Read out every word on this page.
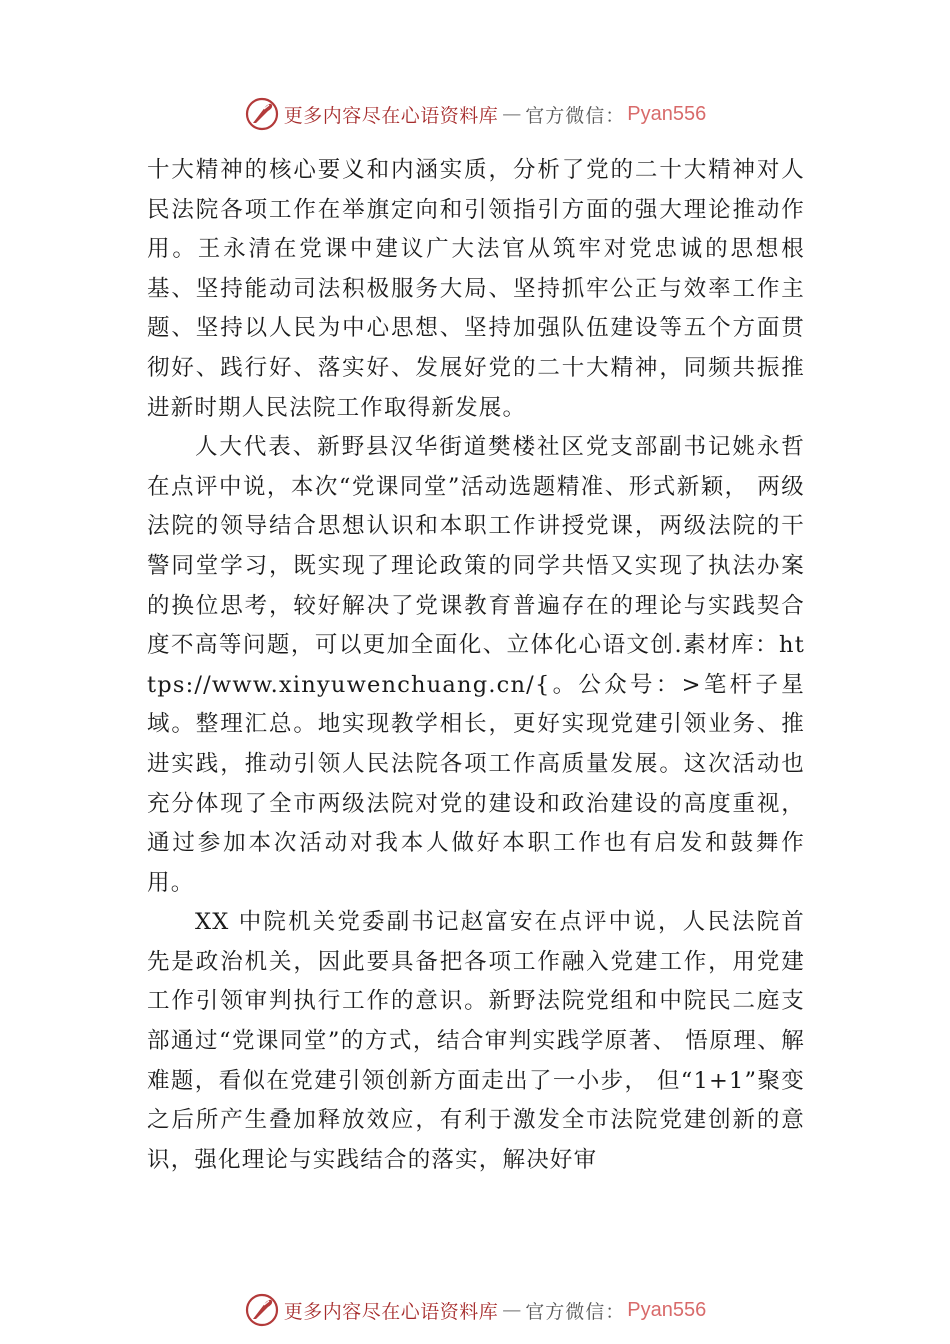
更多内容尽在心语资料库 — 官方微信： Pyan556

十大精神的核心要义和内涵实质，分析了党的二十大精神对人民法院各项工作在举旗定向和引领指引方面的强大理论推动作用。王永清在党课中建议广大法官从筑牢对党忠诚的思想根基、坚持能动司法积极服务大局、坚持抓牢公正与效率工作主题、坚持以人民为中心思想、坚持加强队伍建设等五个方面贯彻好、践行好、落实好、发展好党的二十大精神，同频共振推进新时期人民法院工作取得新发展。

人大代表、新野县汉华街道樊楼社区党支部副书记姚永哲在点评中说，本次“党课同堂”活动选题精准、形式新颖， 两级法院的领导结合思想认识和本职工作讲授党课，两级法院的干警同堂学习，既实现了理论政策的同学共悟又实现了执法办案的换位思考，较好解决了党课教育普遍存在的理论与实践契合度不高等问题，可以更加全面化、立体化心语文创.素材库：https://www.xinyuwenchuang.cn/{。公众号：>笔杆子星域。整理汇总。地实现教学相长，更好实现党建引领业务、推进实践，推动引领人民法院各项工作高质量发展。这次活动也充分体现了全市两级法院对党的建设和政治建设的高度重视，通过参加本次活动对我本人做好本职工作也有启发和鼓舞作用。

XX 中院机关党委副书记赵富安在点评中说，人民法院首先是政治机关，因此要具备把各项工作融入党建工作，用党建工作引领审判执行工作的意识。新野法院党组和中院民二庭支部通过“党课同堂”的方式，结合审判实践学原著、 悟原理、解难题，看似在党建引领创新方面走出了一小步， 但“1+1”聚变之后所产生叠加释放效应，有利于激发全市法院党建创新的意识，强化理论与实践结合的落实，解决好审

更多内容尽在心语资料库 — 官方微信： Pyan556
